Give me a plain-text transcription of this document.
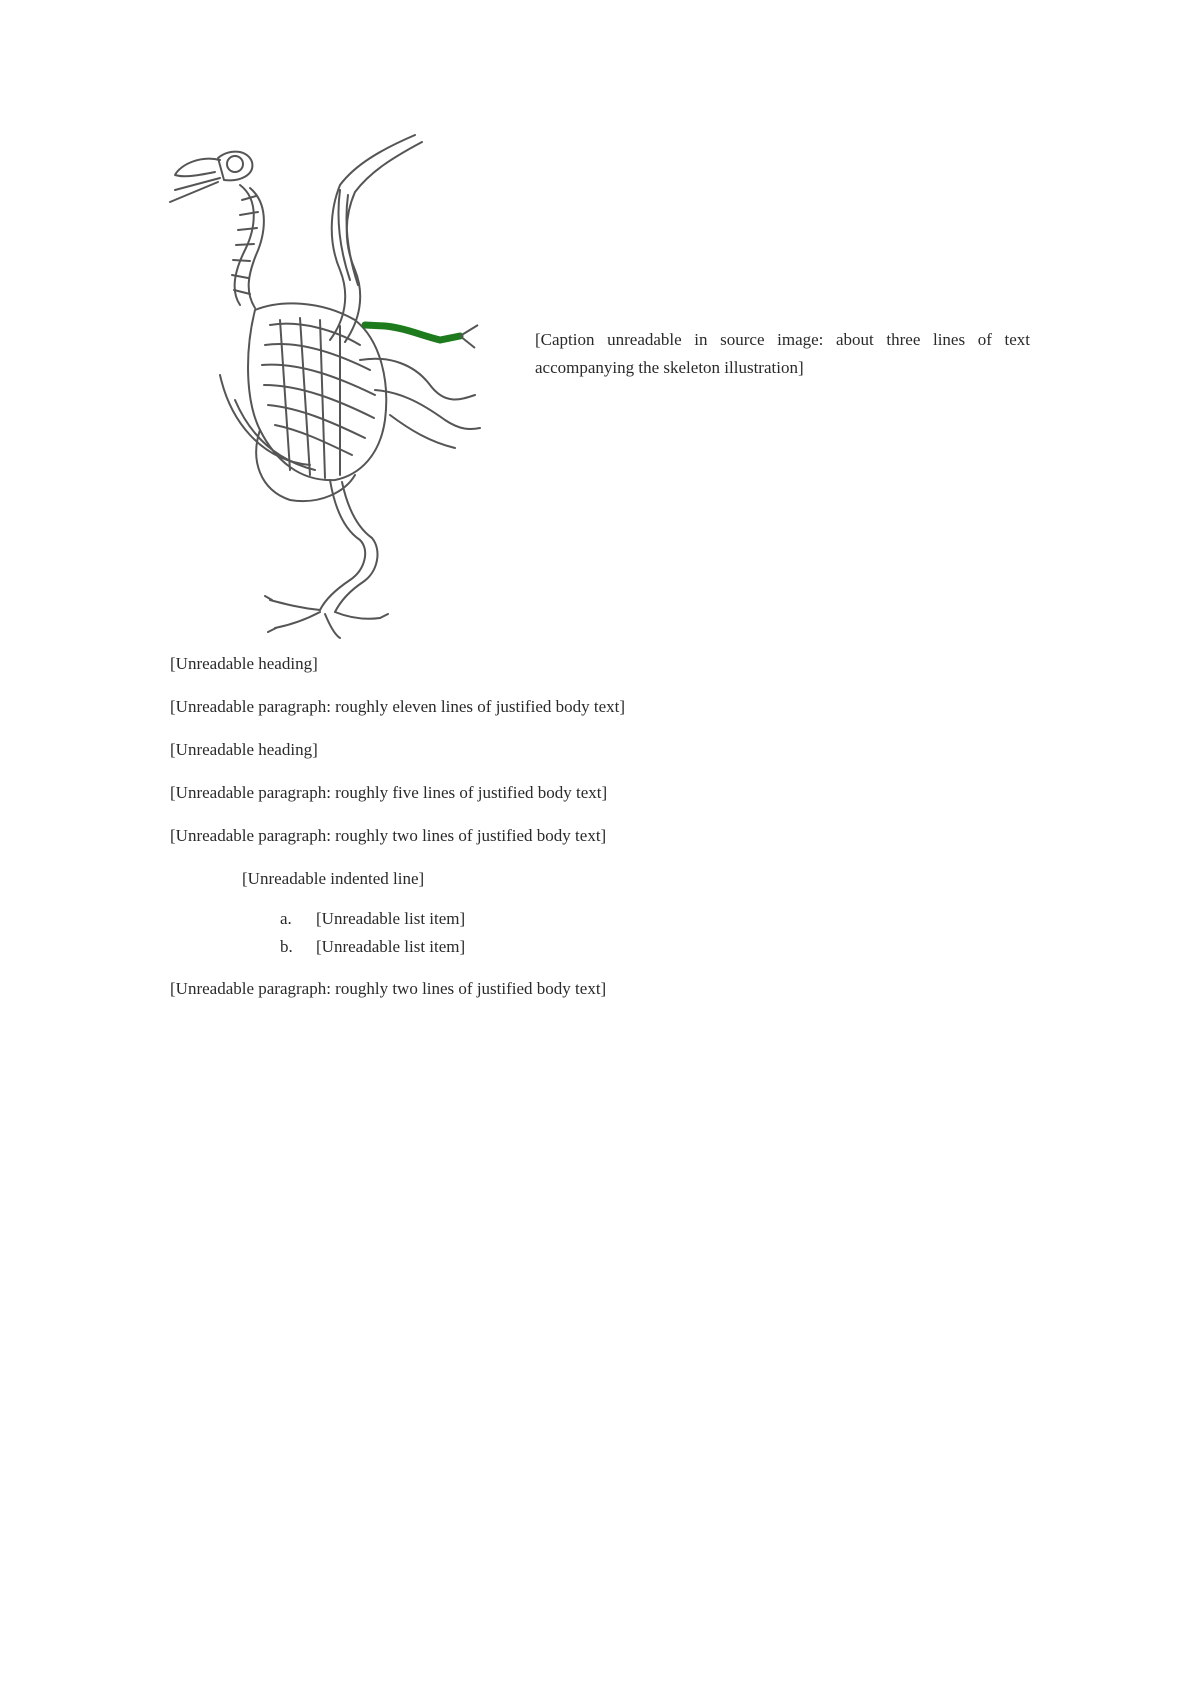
[Caption unreadable in source image: about three lines of text accompanying the skeleton illustration]
[Unreadable heading]

[Unreadable paragraph: roughly eleven lines of justified body text]

[Unreadable heading]

[Unreadable paragraph: roughly five lines of justified body text]

[Unreadable paragraph: roughly two lines of justified body text]

[Unreadable indented line]
a. [Unreadable list item]
b. [Unreadable list item]

[Unreadable paragraph: roughly two lines of justified body text]
